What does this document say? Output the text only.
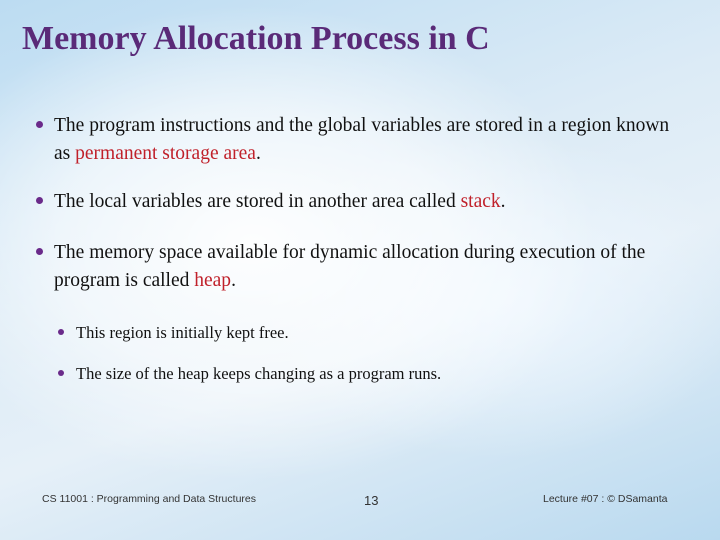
Memory Allocation Process in C
The program instructions and the global variables are stored in a region known as permanent storage area.
The local variables are stored in another area called stack.
The memory space available for dynamic allocation during execution of the program is called heap.
This region is initially kept free.
The size of the heap keeps changing as a program runs.
CS 11001 : Programming and Data Structures	13	Lecture #07 : © DSamanta
